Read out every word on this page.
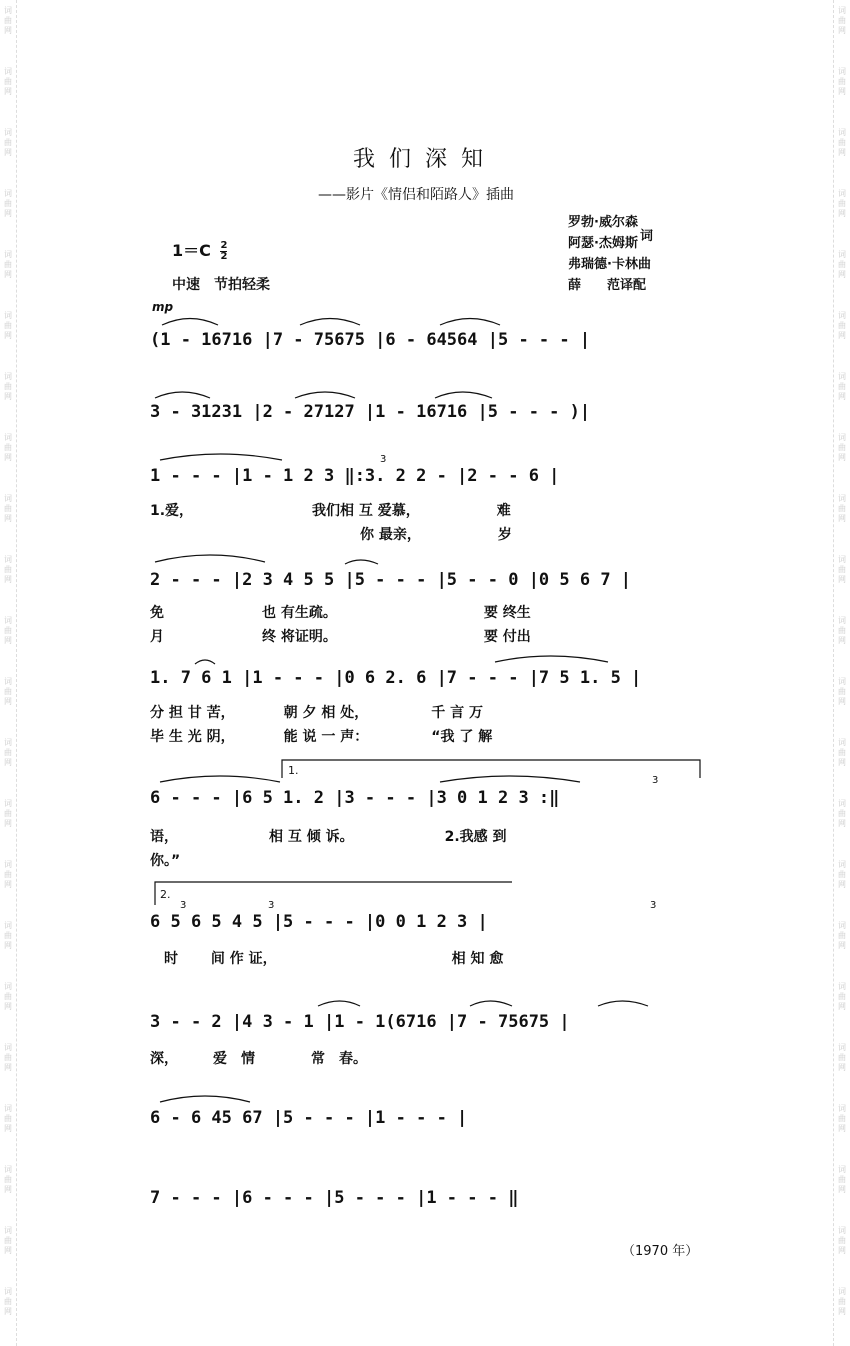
词
曲
网
词
曲
网
词
曲
网
词
曲
网
词
曲
网
词
曲
网
词
曲
网
词
曲
网
词
曲
网
词
曲
网
词
曲
网
词
曲
网
词
曲
网
词
曲
网
词
曲
网
词
曲
网
词
曲
网
词
曲
网
词
曲
网
词
曲
网
词
曲
网
词
曲
网
词
曲
网
词
曲
网
词
曲
网
词
曲
网
词
曲
网
词
曲
网
词
曲
网
词
曲
网
词
曲
网
词
曲
网
词
曲
网
词
曲
网
词
曲
网
词
曲
网
词
曲
网
词
曲
网
词
曲
网
词
曲
网
词
曲
网
词
曲
网
词
曲
网
词
曲
网
我们深知
——影片《情侣和陌路人》插曲
罗勃·威尔森
阿瑟·杰姆斯 词
弗瑞德·卡林曲
薛　　范译配
$1=C \frac{2}{2}$
中速　节拍轻柔
mp
(1 - 16716 |7 - 75675 |6 - 64564 |5 - - - |
3 - 31231 |2 - 27127 |1 - 16716 |5 - - - )|
1 - - - |1 - 1 2 3 ‖:3. 2 2 - |2 - - 6 |
1.爱，　　　　　　　　　我们相 互 爱慕，　　　　　　难
　　　　　　　　　　　　　　　你 最亲，　　　　　　岁
2 - - - |2 3 4 5 5 |5 - - - |5 - - 0 |0 5 6 7 |
免　　　　　　　也 有生疏。　　　　　　　　　　　要 终生
月　　　　　　　终 将证明。　　　　　　　　　　　要 付出
1. 7 6 1 |1 - - - |0 6 2. 6 |7 - - - |7 5 1. 5 |
分 担 甘 苦，　　　　朝 夕 相 处，　　　　　千 言 万
毕 生 光 阴，　　　　能 说 一 声：　　　　　“我 了 解
6 - - - |6 5 1. 2 |3 - - - |3 0 1 2 3 :‖
语，　　　　　　　相 互 倾 诉。　　　　　　　2.我感 到
你。”
6 5 6 5 4 5 |5 - - - |0 0 1 2 3 |
　时　　 间 作 证，　　　　　　　　　　　　　相 知 愈
3 - - 2 |4 3 - 1 |1 - 1(6716 |7 - 75675 |
深，　　　爱　情　　　　常　春。
6 - 6 45 67 |5 - - - |1 - - - |
7 - - - |6 - - - |5 - - - |1 - - - ‖
（1970 年）
3
3
3	3	3
1.
2.
